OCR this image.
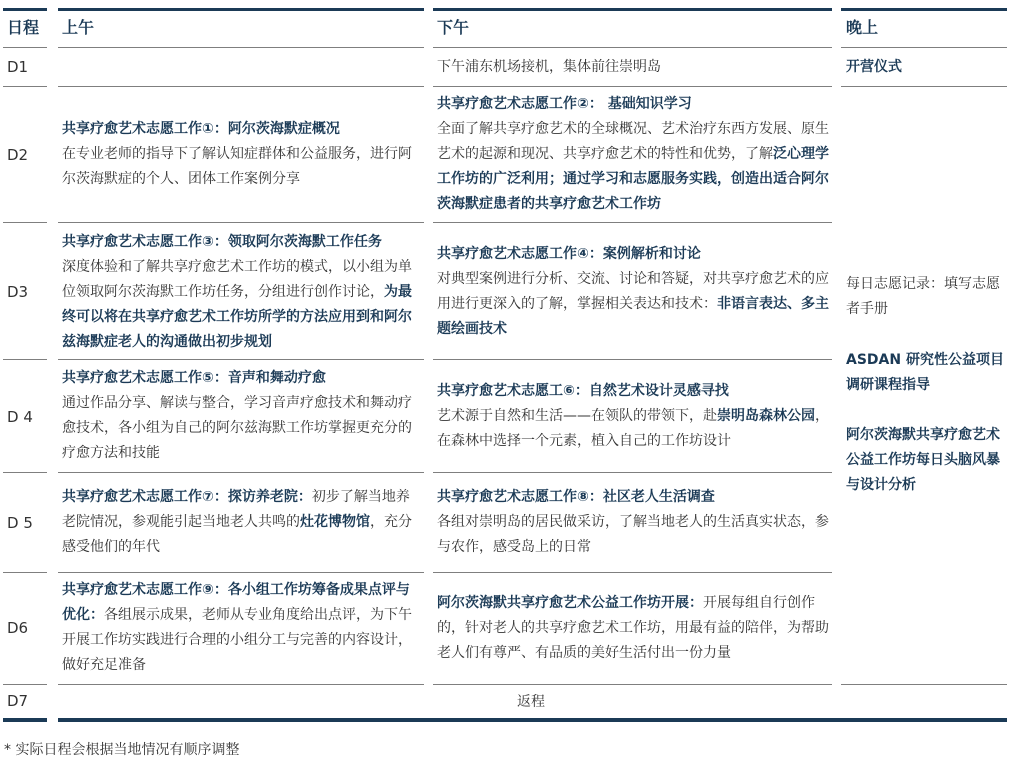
日程 上午	下午	晚上
D1
D2
D3
D 4
D 5
D6
D7
下午浦东机场接机，集体前往崇明岛
共享疗愈艺术志愿工作①：阿尔茨海默症概况
在专业老师的指导下了解认知症群体和公益服务，进行阿尔茨海默症的个人、团体工作案例分享
共享疗愈艺术志愿工作②： 基础知识学习
全面了解共享疗愈艺术的全球概况、艺术治疗东西方发展、原生艺术的起源和现况、共享疗愈艺术的特性和优势，了解泛心理学工作坊的广泛利用；通过学习和志愿服务实践，创造出适合阿尔茨海默症患者的共享疗愈艺术工作坊
共享疗愈艺术志愿工作③：领取阿尔茨海默工作任务
深度体验和了解共享疗愈艺术工作坊的模式，以小组为单位领取阿尔茨海默工作坊任务，分组进行创作讨论，为最终可以将在共享疗愈艺术工作坊所学的方法应用到和阿尔兹海默症老人的沟通做出初步规划
共享疗愈艺术志愿工作④：案例解析和讨论
对典型案例进行分析、交流、讨论和答疑，对共享疗愈艺术的应用进行更深入的了解，掌握相关表达和技术：非语言表达、多主题绘画技术
共享疗愈艺术志愿工作⑤：音声和舞动疗愈
通过作品分享、解读与整合，学习音声疗愈技术和舞动疗愈技术，各小组为自己的阿尔兹海默工作坊掌握更充分的疗愈方法和技能
共享疗愈艺术志愿工⑥：自然艺术设计灵感寻找
艺术源于自然和生活——在领队的带领下，赴崇明岛森林公园，在森林中选择一个元素，植入自己的工作坊设计
共享疗愈艺术志愿工作⑦：探访养老院：初步了解当地养老院情况，参观能引起当地老人共鸣的灶花博物馆，充分感受他们的年代
共享疗愈艺术志愿工作⑧：社区老人生活调查
各组对崇明岛的居民做采访，了解当地老人的生活真实状态，参与农作，感受岛上的日常
共享疗愈艺术志愿工作⑨：各小组工作坊筹备成果点评与优化：各组展示成果，老师从专业角度给出点评，为下午开展工作坊实践进行合理的小组分工与完善的内容设计，做好充足准备
阿尔茨海默共享疗愈艺术公益工作坊开展：开展每组自行创作的，针对老人的共享疗愈艺术工作坊，用最有益的陪伴，为帮助老人们有尊严、有品质的美好生活付出一份力量
返程
开营仪式
每日志愿记录：填写志愿者手册
ASDAN 研究性公益项目调研课程指导
阿尔茨海默共享疗愈艺术公益工作坊每日头脑风暴与设计分析
* 实际日程会根据当地情况有顺序调整
